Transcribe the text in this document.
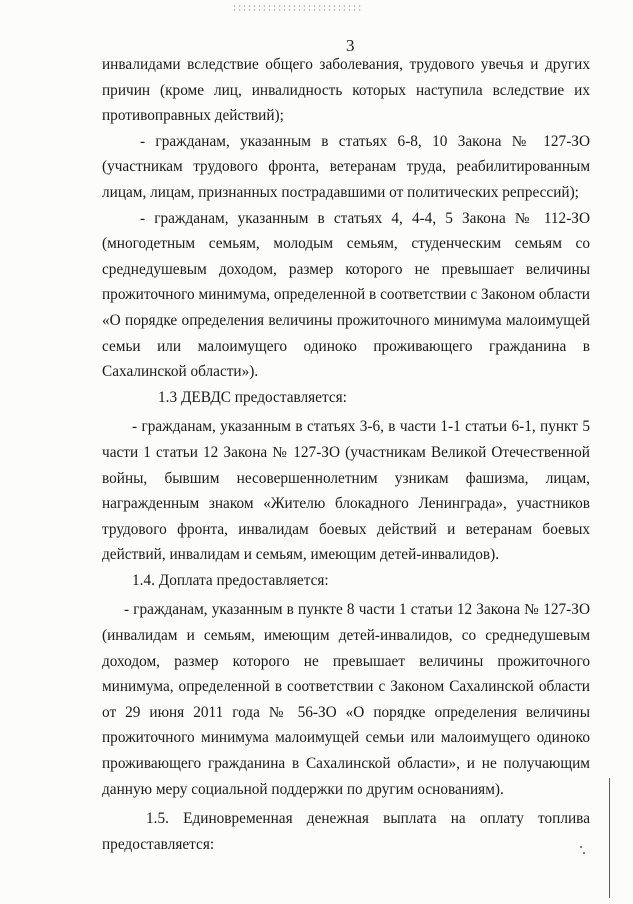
3

инвалидами вследствие общего заболевания, трудового увечья и других причин (кроме лиц, инвалидность которых наступила вследствие их противоправных действий);

- гражданам, указанным в статьях 6-8, 10 Закона № 127-ЗО (участникам трудового фронта, ветеранам труда, реабилитированным лицам, лицам, признанных пострадавшими от политических репрессий);

- гражданам, указанным в статьях 4, 4-4, 5 Закона № 112-ЗО (многодетным семьям, молодым семьям, студенческим семьям со среднедушевым доходом, размер которого не превышает величины прожиточного минимума, определенной в соответствии с Законом области «О порядке определения величины прожиточного минимума малоимущей семьи или малоимущего одиноко проживающего гражданина в Сахалинской области»).

1.3 ДЕВДС предоставляется:

- гражданам, указанным в статьях 3-6, в части 1-1 статьи 6-1, пункт 5 части 1 статьи 12 Закона № 127-ЗО (участникам Великой Отечественной войны, бывшим несовершеннолетним узникам фашизма, лицам, награжденным знаком «Жителю блокадного Ленинграда», участников трудового фронта, инвалидам боевых действий и ветеранам боевых действий, инвалидам и семьям, имеющим детей-инвалидов).

1.4. Доплата предоставляется:

- гражданам, указанным в пункте 8 части 1 статьи 12 Закона № 127-ЗО (инвалидам и семьям, имеющим детей-инвалидов, со среднедушевым доходом, размер которого не превышает величины прожиточного минимума, определенной в соответствии с Законом Сахалинской области от 29 июня 2011 года № 56-ЗО «О порядке определения величины прожиточного минимума малоимущей семьи или малоимущего одиноко проживающего гражданина в Сахалинской области», и не получающим данную меру социальной поддержки по другим основаниям).

1.5. Единовременная денежная выплата на оплату топлива предоставляется:
